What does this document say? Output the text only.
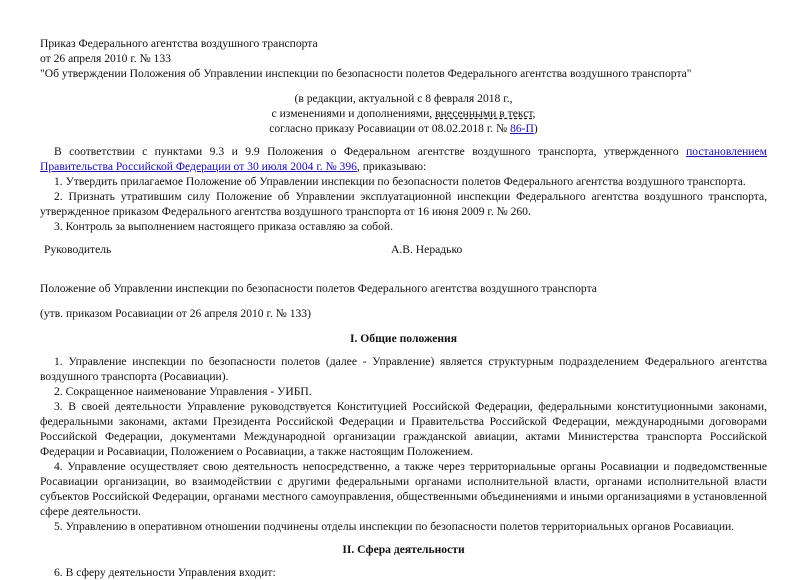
Приказ Федерального агентства воздушного транспорта
от 26 апреля 2010 г. № 133
"Об утверждении Положения об Управлении инспекции по безопасности полетов Федерального агентства воздушного транспорта"
(в редакции, актуальной с 8 февраля 2018 г.,
с изменениями и дополнениями, внесенными в текст,
согласно приказу Росавиации от 08.02.2018 г. № 86-П)
В соответствии с пунктами 9.3 и 9.9 Положения о Федеральном агентстве воздушного транспорта, утвержденного постановлением Правительства Российской Федерации от 30 июля 2004 г. № 396, приказываю:
1. Утвердить прилагаемое Положение об Управлении инспекции по безопасности полетов Федерального агентства воздушного транспорта.
2. Признать утратившим силу Положение об Управлении эксплуатационной инспекции Федерального агентства воздушного транспорта, утвержденное приказом Федерального агентства воздушного транспорта от 16 июня 2009 г. № 260.
3. Контроль за выполнением настоящего приказа оставляю за собой.
Руководитель	А.В. Нерадько
Положение об Управлении инспекции по безопасности полетов Федерального агентства воздушного транспорта
(утв. приказом Росавиации от 26 апреля 2010 г. № 133)
I. Общие положения
1. Управление инспекции по безопасности полетов (далее - Управление) является структурным подразделением Федерального агентства воздушного транспорта (Росавиации).
2. Сокращенное наименование Управления - УИБП.
3. В своей деятельности Управление руководствуется Конституцией Российской Федерации, федеральными конституционными законами, федеральными законами, актами Президента Российской Федерации и Правительства Российской Федерации, международными договорами Российской Федерации, документами Международной организации гражданской авиации, актами Министерства транспорта Российской Федерации и Росавиации, Положением о Росавиации, а также настоящим Положением.
4. Управление осуществляет свою деятельность непосредственно, а также через территориальные органы Росавиации и подведомственные Росавиации организации, во взаимодействии с другими федеральными органами исполнительной власти, органами исполнительной власти субъектов Российской Федерации, органами местного самоуправления, общественными объединениями и иными организациями в установленной сфере деятельности.
5. Управлению в оперативном отношении подчинены отделы инспекции по безопасности полетов территориальных органов Росавиации.
II. Сфера деятельности
6. В сферу деятельности Управления входит:
